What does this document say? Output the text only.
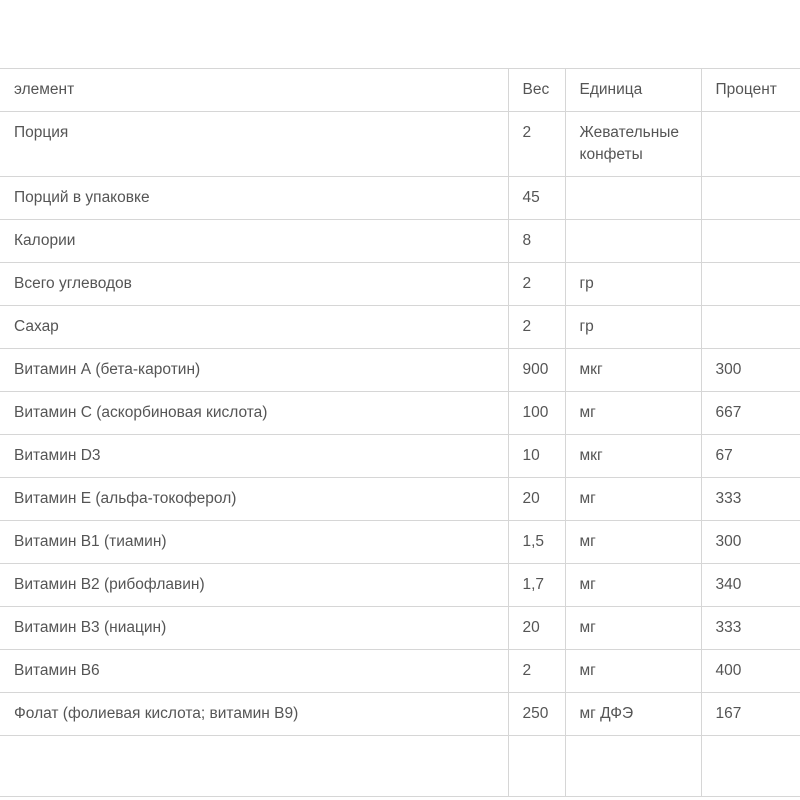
элемент	Вес	Единица	Процент
Порция	2	Жевательные конфеты	
Порций в упаковке	45		
Калории	8		
Всего углеводов	2	гр	
Сахар	2	гр	
Витамин А (бета-каротин)	900	мкг	300
Витамин С (аскорбиновая кислота)	100	мг	667
Витамин D3	10	мкг	67
Витамин Е (альфа-токоферол)	20	мг	333
Витамин В1 (тиамин)	1,5	мг	300
Витамин В2 (рибофлавин)	1,7	мг	340
Витамин В3 (ниацин)	20	мг	333
Витамин В6	2	мг	400
Фолат (фолиевая кислота; витамин В9)	250	мг ДФЭ	167
